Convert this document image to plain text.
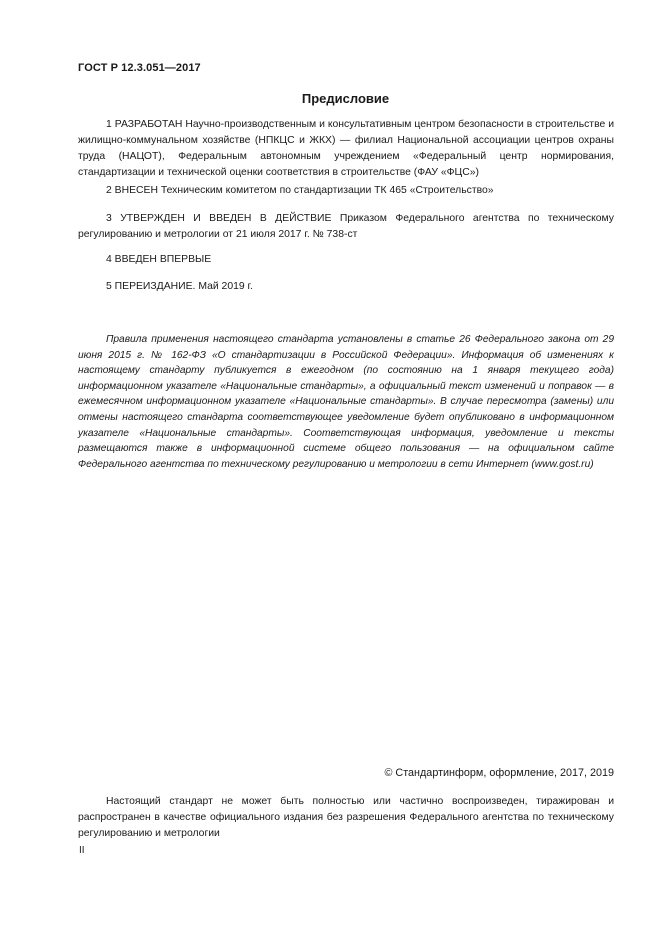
ГОСТ Р 12.3.051—2017
Предисловие

1 РАЗРАБОТАН Научно-производственным и консультативным центром безопасности в строительстве и жилищно-коммунальном хозяйстве (НПКЦС и ЖКХ) — филиал Национальной ассоциации центров охраны труда (НАЦОТ), Федеральным автономным учреждением «Федеральный центр нормирования, стандартизации и технической оценки соответствия в строительстве (ФАУ «ФЦС»)

2 ВНЕСЕН Техническим комитетом по стандартизации ТК 465 «Строительство»

3 УТВЕРЖДЕН И ВВЕДЕН В ДЕЙСТВИЕ Приказом Федерального агентства по техническому регулированию и метрологии от 21 июля 2017 г. № 738-ст

4 ВВЕДЕН ВПЕРВЫЕ

5 ПЕРЕИЗДАНИЕ. Май 2019 г.

Правила применения настоящего стандарта установлены в статье 26 Федерального закона от 29 июня 2015 г. № 162-ФЗ «О стандартизации в Российской Федерации». Информация об изменениях к настоящему стандарту публикуется в ежегодном (по состоянию на 1 января текущего года) информационном указателе «Национальные стандарты», а официальный текст изменений и поправок — в ежемесячном информационном указателе «Национальные стандарты». В случае пересмотра (замены) или отмены настоящего стандарта соответствующее уведомление будет опубликовано в информационном указателе «Национальные стандарты». Соответствующая информация, уведомление и тексты размещаются также в информационной системе общего пользования — на официальном сайте Федерального агентства по техническому регулированию и метрологии в сети Интернет (www.gost.ru)

© Стандартинформ, оформление, 2017, 2019

Настоящий стандарт не может быть полностью или частично воспроизведен, тиражирован и распространен в качестве официального издания без разрешения Федерального агентства по техническому регулированию и метрологии

II
